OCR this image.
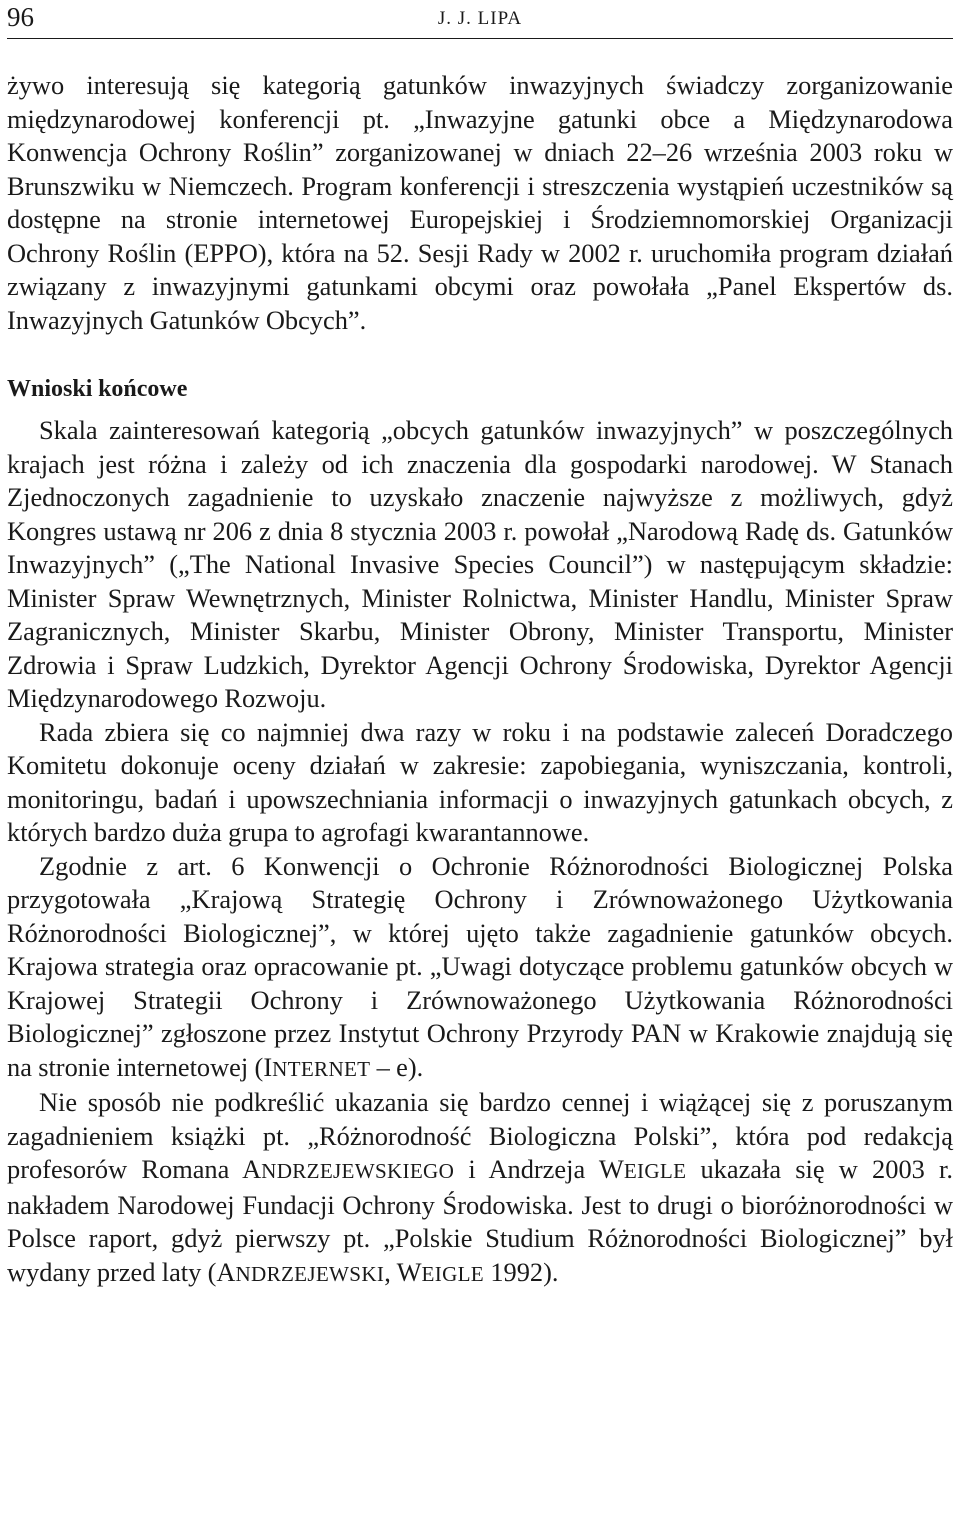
96	J. J. LIPA

żywo interesują się kategorią gatunków inwazyjnych świadczy zorganizowanie międzynarodowej konferencji pt. „Inwazyjne gatunki obce a Międzynarodowa Konwencja Ochrony Roślin” zorganizowanej w dniach 22–26 września 2003 roku w Brunszwiku w Niemczech. Program konferencji i streszczenia wystąpień uczestników są dostępne na stronie internetowej Europejskiej i Środziemnomorskiej Organizacji Ochrony Roślin (EPPO), która na 52. Sesji Rady w 2002 r. uruchomiła program działań związany z inwazyjnymi gatunkami obcymi oraz powołała „Panel Ekspertów ds. Inwazyjnych Gatunków Obcych”.

Wnioski końcowe

Skala zainteresowań kategorią „obcych gatunków inwazyjnych” w poszczególnych krajach jest różna i zależy od ich znaczenia dla gospodarki narodowej. W Stanach Zjednoczonych zagadnienie to uzyskało znaczenie najwyższe z możliwych, gdyż Kongres ustawą nr 206 z dnia 8 stycznia 2003 r. powołał „Narodową Radę ds. Gatunków Inwazyjnych” („The National Invasive Species Council”) w następującym składzie: Minister Spraw Wewnętrznych, Minister Rolnictwa, Minister Handlu, Minister Spraw Zagranicznych, Minister Skarbu, Minister Obrony, Minister Transportu, Minister Zdrowia i Spraw Ludzkich, Dyrektor Agencji Ochrony Środowiska, Dyrektor Agencji Międzynarodowego Rozwoju.

Rada zbiera się co najmniej dwa razy w roku i na podstawie zaleceń Doradczego Komitetu dokonuje oceny działań w zakresie: zapobiegania, wyniszczania, kontroli, monitoringu, badań i upowszechniania informacji o inwazyjnych gatunkach obcych, z których bardzo duża grupa to agrofagi kwarantannowe.

Zgodnie z art. 6 Konwencji o Ochronie Różnorodności Biologicznej Polska przygotowała „Krajową Strategię Ochrony i Zrównoważonego Użytkowania Różnorodności Biologicznej”, w której ujęto także zagadnienie gatunków obcych. Krajowa strategia oraz opracowanie pt. „Uwagi dotyczące problemu gatunków obcych w Krajowej Strategii Ochrony i Zrównoważonego Użytkowania Różnorodności Biologicznej” zgłoszone przez Instytut Ochrony Przyrody PAN w Krakowie znajdują się na stronie internetowej (INTERNET – e).

Nie sposób nie podkreślić ukazania się bardzo cennej i wiążącej się z poruszanym zagadnieniem książki pt. „Różnorodność Biologiczna Polski”, która pod redakcją profesorów Romana ANDRZEJEWSKIEGO i Andrzeja WEIGLE ukazała się w 2003 r. nakładem Narodowej Fundacji Ochrony Środowiska. Jest to drugi o bioróżnorodności w Polsce raport, gdyż pierwszy pt. „Polskie Studium Różnorodności Biologicznej” był wydany przed laty (ANDRZEJEWSKI, WEIGLE 1992).
